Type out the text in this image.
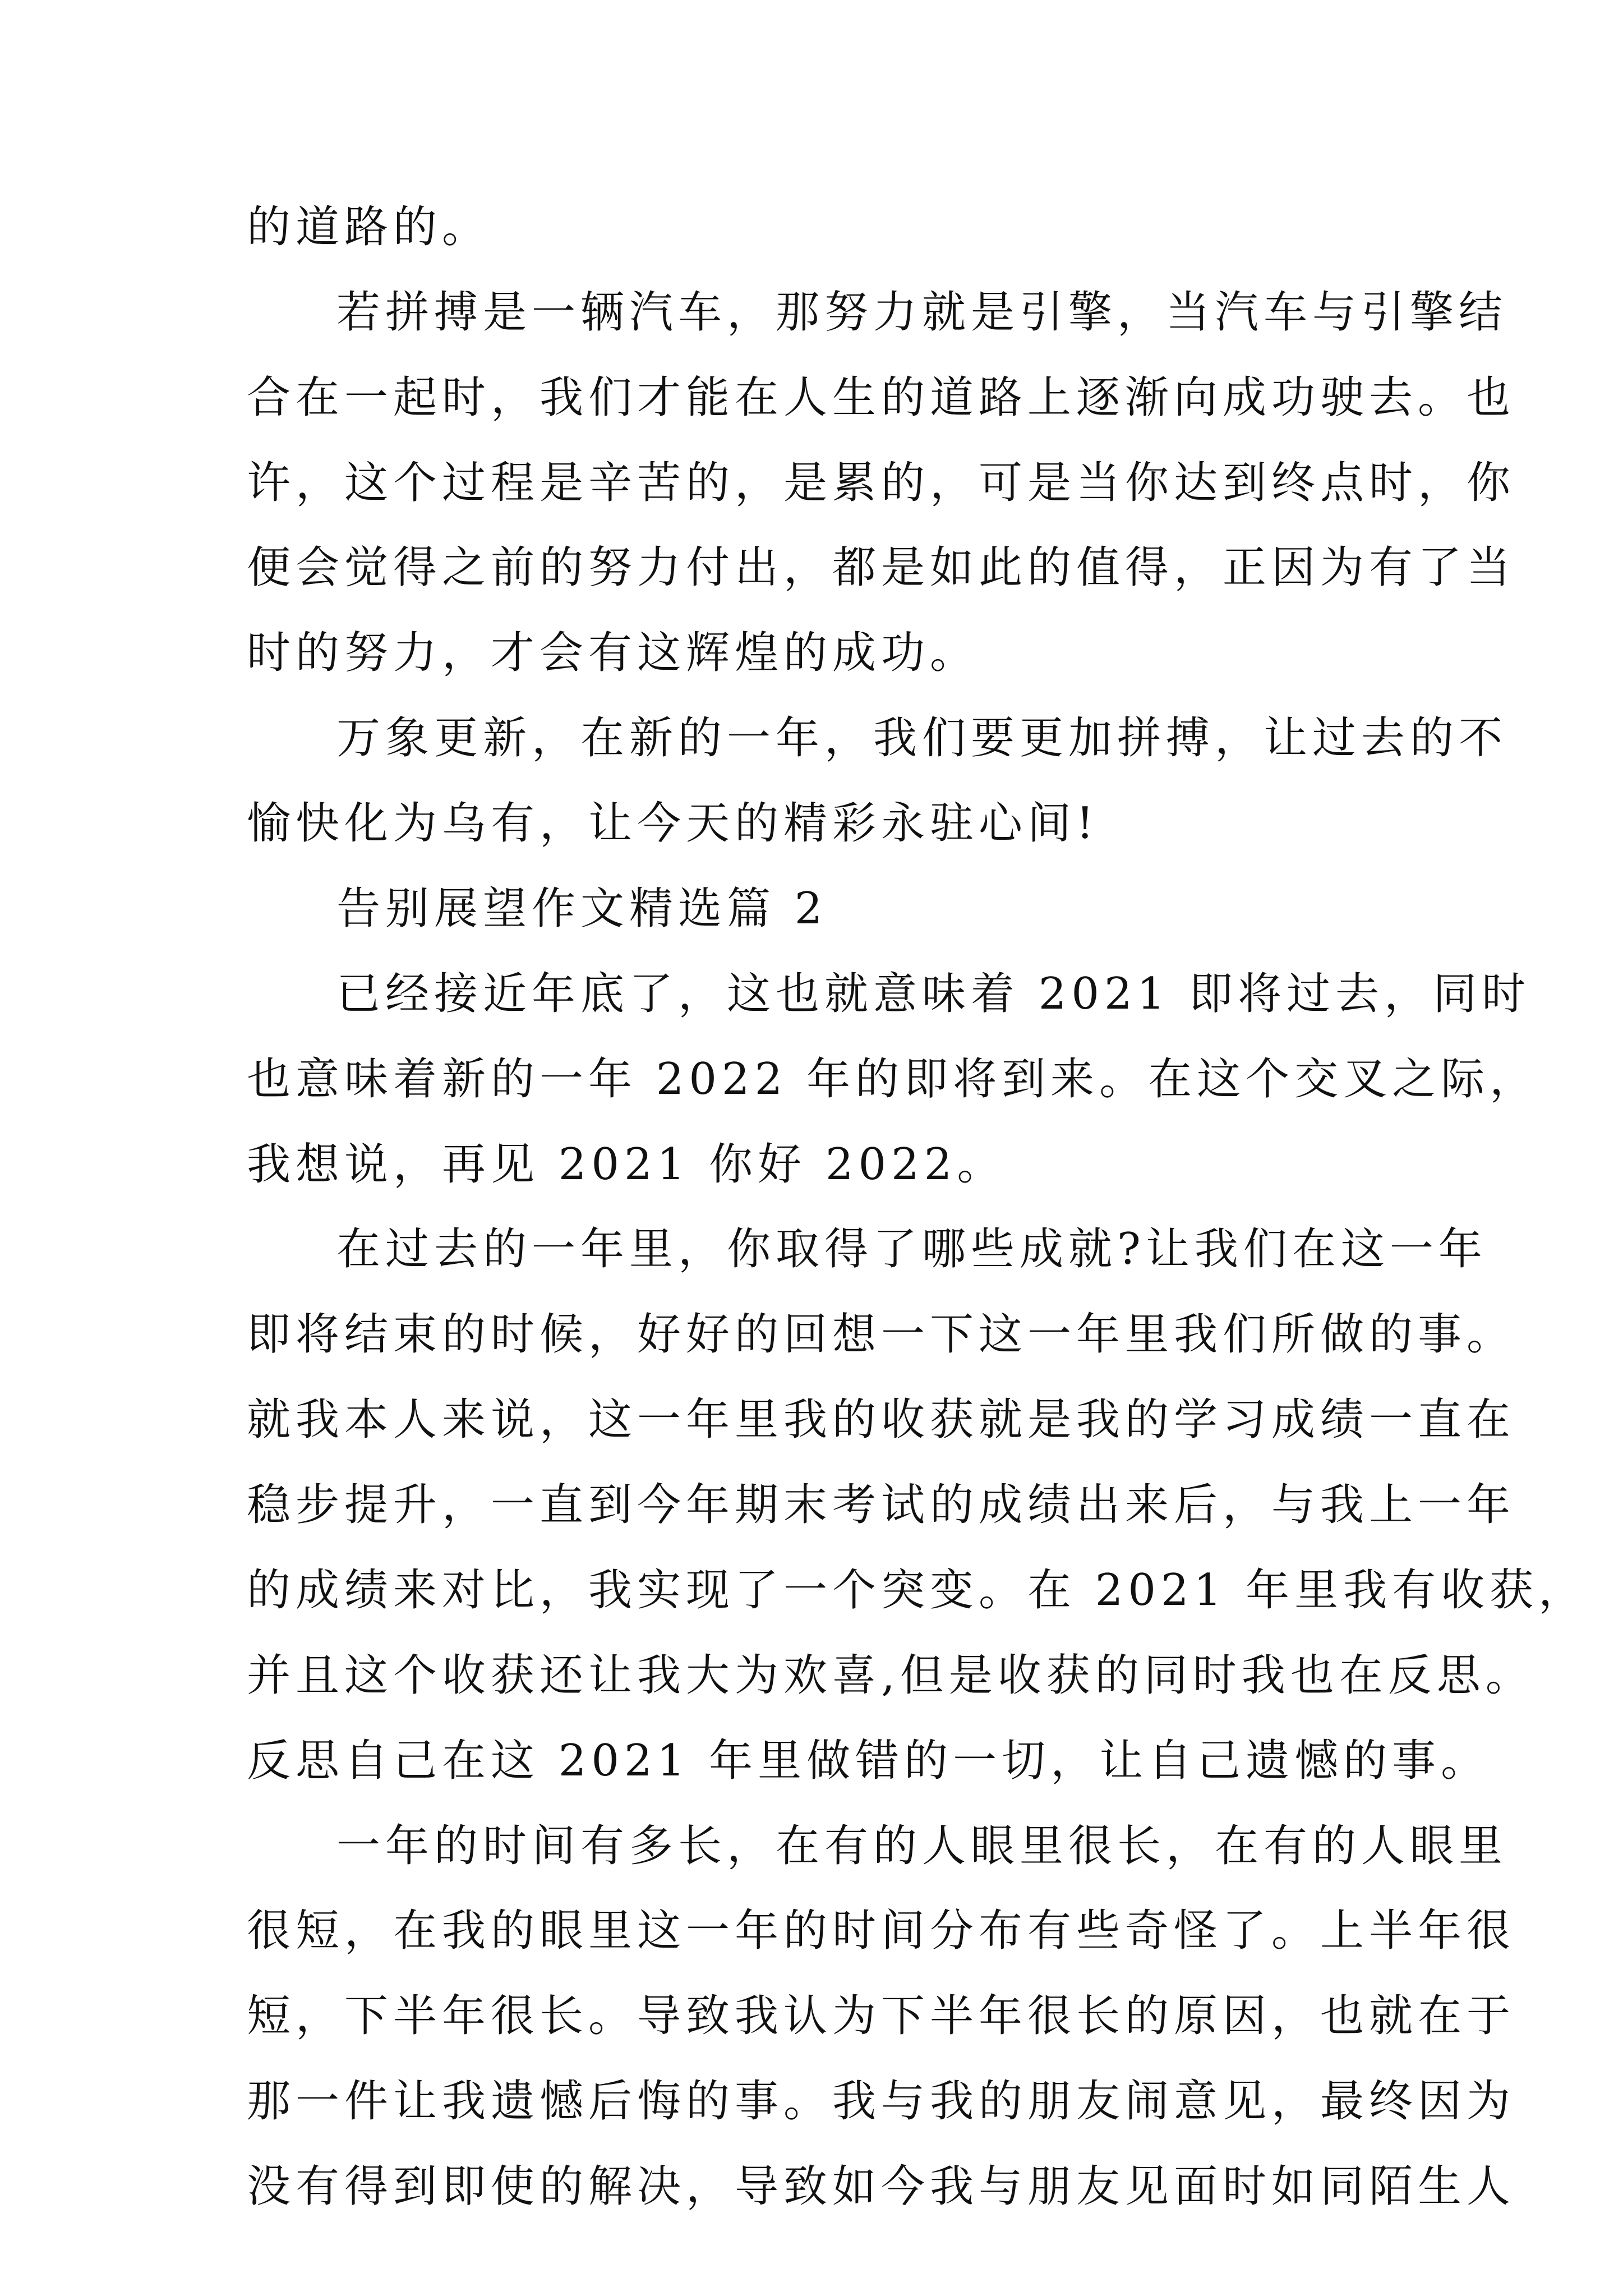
的道路的。
若拼搏是一辆汽车，那努力就是引擎，当汽车与引擎结
合在一起时，我们才能在人生的道路上逐渐向成功驶去。也
许，这个过程是辛苦的，是累的，可是当你达到终点时，你
便会觉得之前的努力付出，都是如此的值得，正因为有了当
时的努力，才会有这辉煌的成功。
万象更新，在新的一年，我们要更加拼搏，让过去的不
愉快化为乌有，让今天的精彩永驻心间!
告别展望作文精选篇 2
已经接近年底了，这也就意味着 2021 即将过去，同时
也意味着新的一年 2022 年的即将到来。在这个交叉之际，
我想说，再见 2021 你好 2022。
在过去的一年里，你取得了哪些成就?让我们在这一年
即将结束的时候，好好的回想一下这一年里我们所做的事。
就我本人来说，这一年里我的收获就是我的学习成绩一直在
稳步提升，一直到今年期末考试的成绩出来后，与我上一年
的成绩来对比，我实现了一个突变。在 2021 年里我有收获，
并且这个收获还让我大为欢喜,但是收获的同时我也在反思。
反思自己在这 2021 年里做错的一切，让自己遗憾的事。
一年的时间有多长，在有的人眼里很长，在有的人眼里
很短，在我的眼里这一年的时间分布有些奇怪了。上半年很
短，下半年很长。导致我认为下半年很长的原因，也就在于
那一件让我遗憾后悔的事。我与我的朋友闹意见，最终因为
没有得到即使的解决，导致如今我与朋友见面时如同陌生人
